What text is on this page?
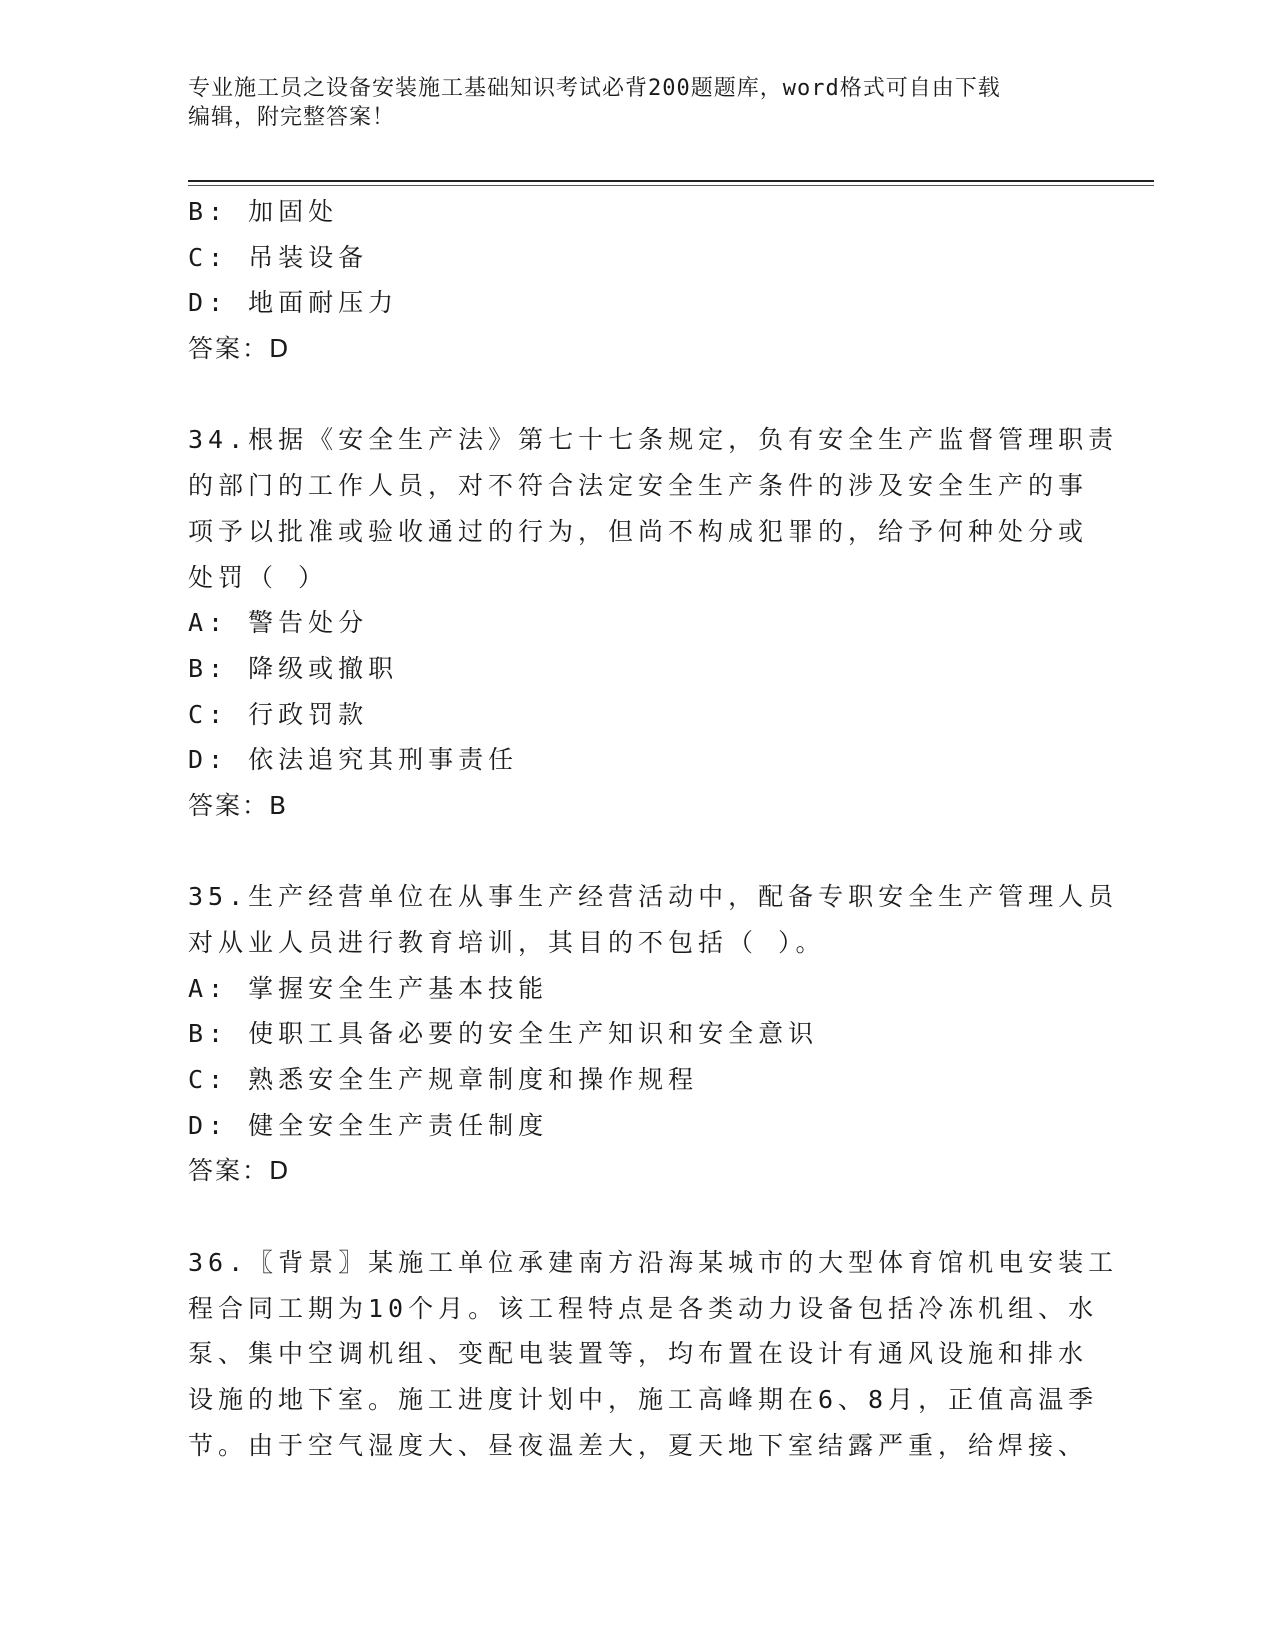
专业施工员之设备安装施工基础知识考试必背200题题库，word格式可自由下载
编辑，附完整答案！
B: 加固处
C: 吊装设备
D: 地面耐压力
答案：D
34.根据《安全生产法》第七十七条规定，负有安全生产监督管理职责
的部门的工作人员，对不符合法定安全生产条件的涉及安全生产的事
项予以批准或验收通过的行为，但尚不构成犯罪的，给予何种处分或
处罚（ ）
A: 警告处分
B: 降级或撤职
C: 行政罚款
D: 依法追究其刑事责任
答案：B
35.生产经营单位在从事生产经营活动中，配备专职安全生产管理人员
对从业人员进行教育培训，其目的不包括（ ）。
A: 掌握安全生产基本技能
B: 使职工具备必要的安全生产知识和安全意识
C: 熟悉安全生产规章制度和操作规程
D: 健全安全生产责任制度
答案：D
36.〖背景〗某施工单位承建南方沿海某城市的大型体育馆机电安装工
程合同工期为10个月。该工程特点是各类动力设备包括冷冻机组、水
泵、集中空调机组、变配电装置等，均布置在设计有通风设施和排水
设施的地下室。施工进度计划中，施工高峰期在6、8月，正值高温季
节。由于空气湿度大、昼夜温差大，夏天地下室结露严重，给焊接、
